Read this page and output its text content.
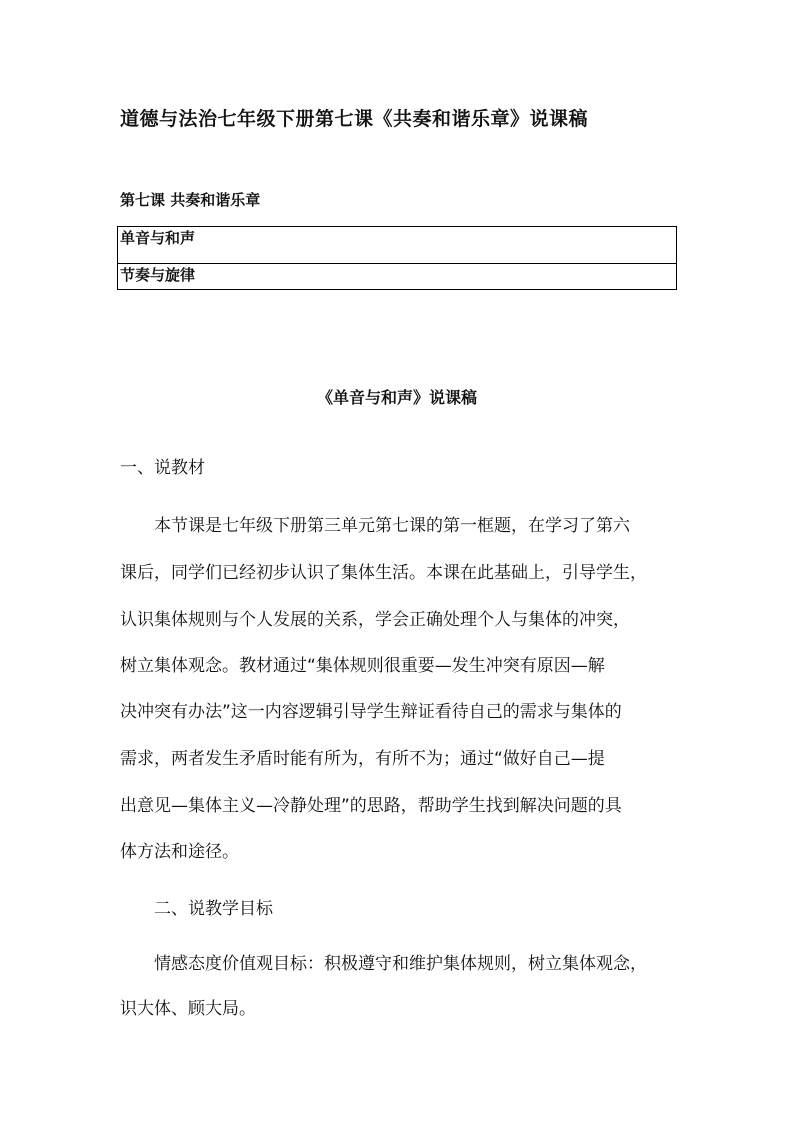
道德与法治七年级下册第七课《共奏和谐乐章》说课稿
第七课 共奏和谐乐章
单音与和声
节奏与旋律
《单音与和声》说课稿

一、说教材

本节课是七年级下册第三单元第七课的第一框题，在学习了第六

课后，同学们已经初步认识了集体生活。本课在此基础上，引导学生，

认识集体规则与个人发展的关系，学会正确处理个人与集体的冲突，

树立集体观念。教材通过“集体规则很重要—发生冲突有原因—解

决冲突有办法”这一内容逻辑引导学生辩证看待自己的需求与集体的

需求，两者发生矛盾时能有所为，有所不为；通过“做好自己—提

出意见—集体主义—冷静处理”的思路，帮助学生找到解决问题的具

体方法和途径。

二、说教学目标

情感态度价值观目标：积极遵守和维护集体规则，树立集体观念，

识大体、顾大局。
